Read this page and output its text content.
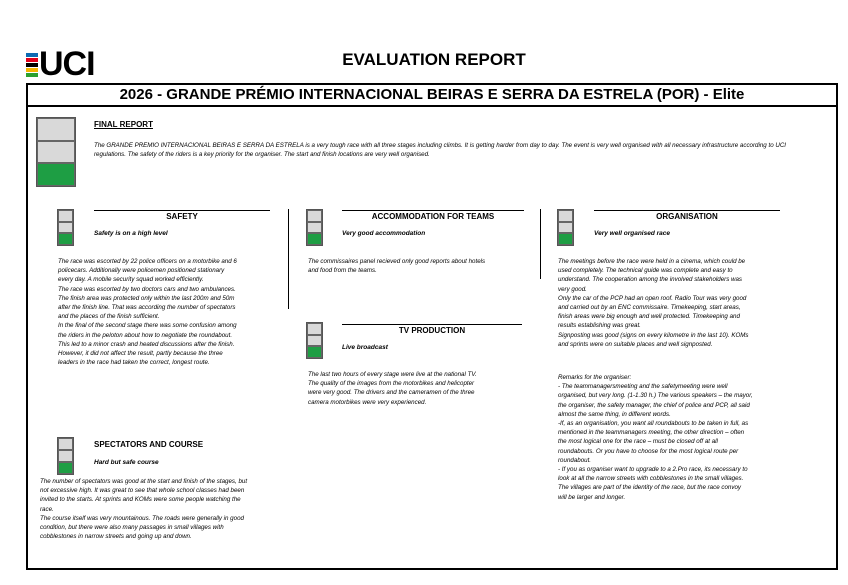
UCI	EVALUATION REPORT
2026 - GRANDE PRÉMIO INTERNACIONAL BEIRAS E SERRA DA ESTRELA (POR) - Elite
FINAL REPORT
The GRANDE PREMIO INTERNACIONAL BEIRAS E SERRA DA ESTRELA is a very tough race with all three stages including climbs. It is getting harder from day to day. The event is very well organised with all necessary infrastructure according to UCI regulations. The safety of the riders is a key priority for the organiser. The start and finish locations are very well organised.
SAFETY
Safety is on a high level
The race was escorted by 22 police officers on a motorbike and 6
policecars. Additionally were policemen positioned stationary
every day. A mobile security squad worked efficiently.
The race was escorted by two doctors cars and two ambulances.
The finish area was protected only within the last 200m and 50m
after the finish line. That was according the number of spectators
and the places of the finish sufficient.
In the final of the second stage there was some confusion among
the riders in the peloton about how to negotiate the roundabout.
This led to a minor crash and heated discussions after the finish.
However, it did not affect the result, partly because the three
leaders in the race had taken the correct, longest route.
SPECTATORS AND COURSE
Hard but safe course
The number of spectators was good at the start and finish of the stages, but
not excessive high. It was great to see that whole school classes had been
invited to the starts. At sprints and KOMs were some people watching the
race.
The course itself was very mountainous. The roads were generally in good
condition, but there were also many passages in small villages with
cobblestones in narrow streets and going up and down.
ACCOMMODATION FOR TEAMS
Very good accommodation
The commissaires panel recieved only good reports about hotels
and food from the teams.
TV PRODUCTION
Live broadcast
The last two hours of every stage were live at the national TV.
The quality of the images from the motorbikes and helicopter
were very good. The drivers and the cameramen of the three
camera motorbikes were very experienced.
ORGANISATION
Very well organised race
The meetings before the race were held in a cinema, which could be
used completely. The technical guide was complete and easy to
understand. The cooperation among the involved stakeholders was
very good.
Only the car of the PCP had an open roof. Radio Tour was very good
and carried out by an ENC commissaire. Timekeeping, start areas,
finish areas were big enough and well protected. Timekeeping and
results establishing was great.
Signposting was good (signs on every kilometre in the last 10). KOMs
and sprints were on suitable places and well signposted.
Remarks for the organiser:
- The teammanagersmeeting and the safetymeeting were well
organised, but very long. (1-1.30 h.) The various speakers – the mayor,
the organiser, the safety manager, the chief of police and PCP, all said
almost the same thing, in different words.
-If, as an organisation, you want all roundabouts to be taken in full, as
mentioned in the teammanagers meeting, the other direction – often
the most logical one for the race – must be closed off at all
roundabouts. Or you have to choose for the most logical route per
roundabout.
- If you as organiser want to upgrade to a 2.Pro race, its necessary to
look at all the narrow streets with cobblestones in the small villages.
The villages are part of the identity of the race, but the race convoy
will be larger and longer.
